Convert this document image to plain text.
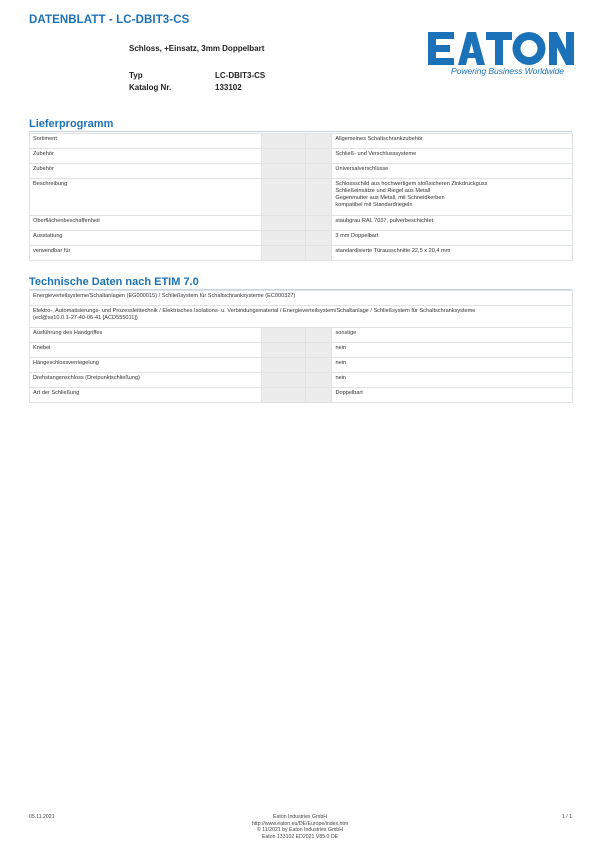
DATENBLATT - LC-DBIT3-CS
Schloss, +Einsatz, 3mm Doppelbart
Typ	LC-DBIT3-CS
Katalog Nr.	133102
Powering Business Worldwide
Lieferprogramm
Sortiment			Allgemeines Schaltschrankzubehör
Zubehör			Schließ- und Verschlusssysteme
Zubehör			Universalverschlüsse
Beschreibung			Schlossschild aus hochwertigem stoßsicheren Zinkdruckguss
Schließeinsätze und Riegel aus Metall
Gegenmutter aus Metall, mit Schneidkerben
kompatibel mit Standardriegeln

Oberflächenbeschaffenheit			staubgrau RAL 7037, pulverbeschichtet
Ausstattung			3 mm Doppelbart
verwendbar für			standardisierte Türausschnitte 22,5 x 20,4 mm
Technische Daten nach ETIM 7.0
Energieverteilsysteme/Schaltanlagen (EG000015) / Schließsystem für Schaltschranksysteme (EC000327)			

Elektro-, Automatisierungs- und Prozessleittechnik / Elektrisches Isolations- u. Verbindungsmaterial / Energieverteilsystem/Schaltanlage / Schließsystem für Schaltschranksysteme
(ecl@ss10.0.1-27-40-06-41 [ACD555011])			

Ausführung des Handgriffes			sonstige
Knebel			nein
Hängeschlossverriegelung			nein
Drehstangenschloss (Dreipunktschließung)			nein
Art der Schließung			Doppelbart
05.11.2021	Eaton Industries GmbH
http://www.eaton.eu/DE/Europe/index.htm
© 11/2021 by Eaton Industries GmbH
Eaton 133102 ED2021 V85.0 DE
1 / 1
